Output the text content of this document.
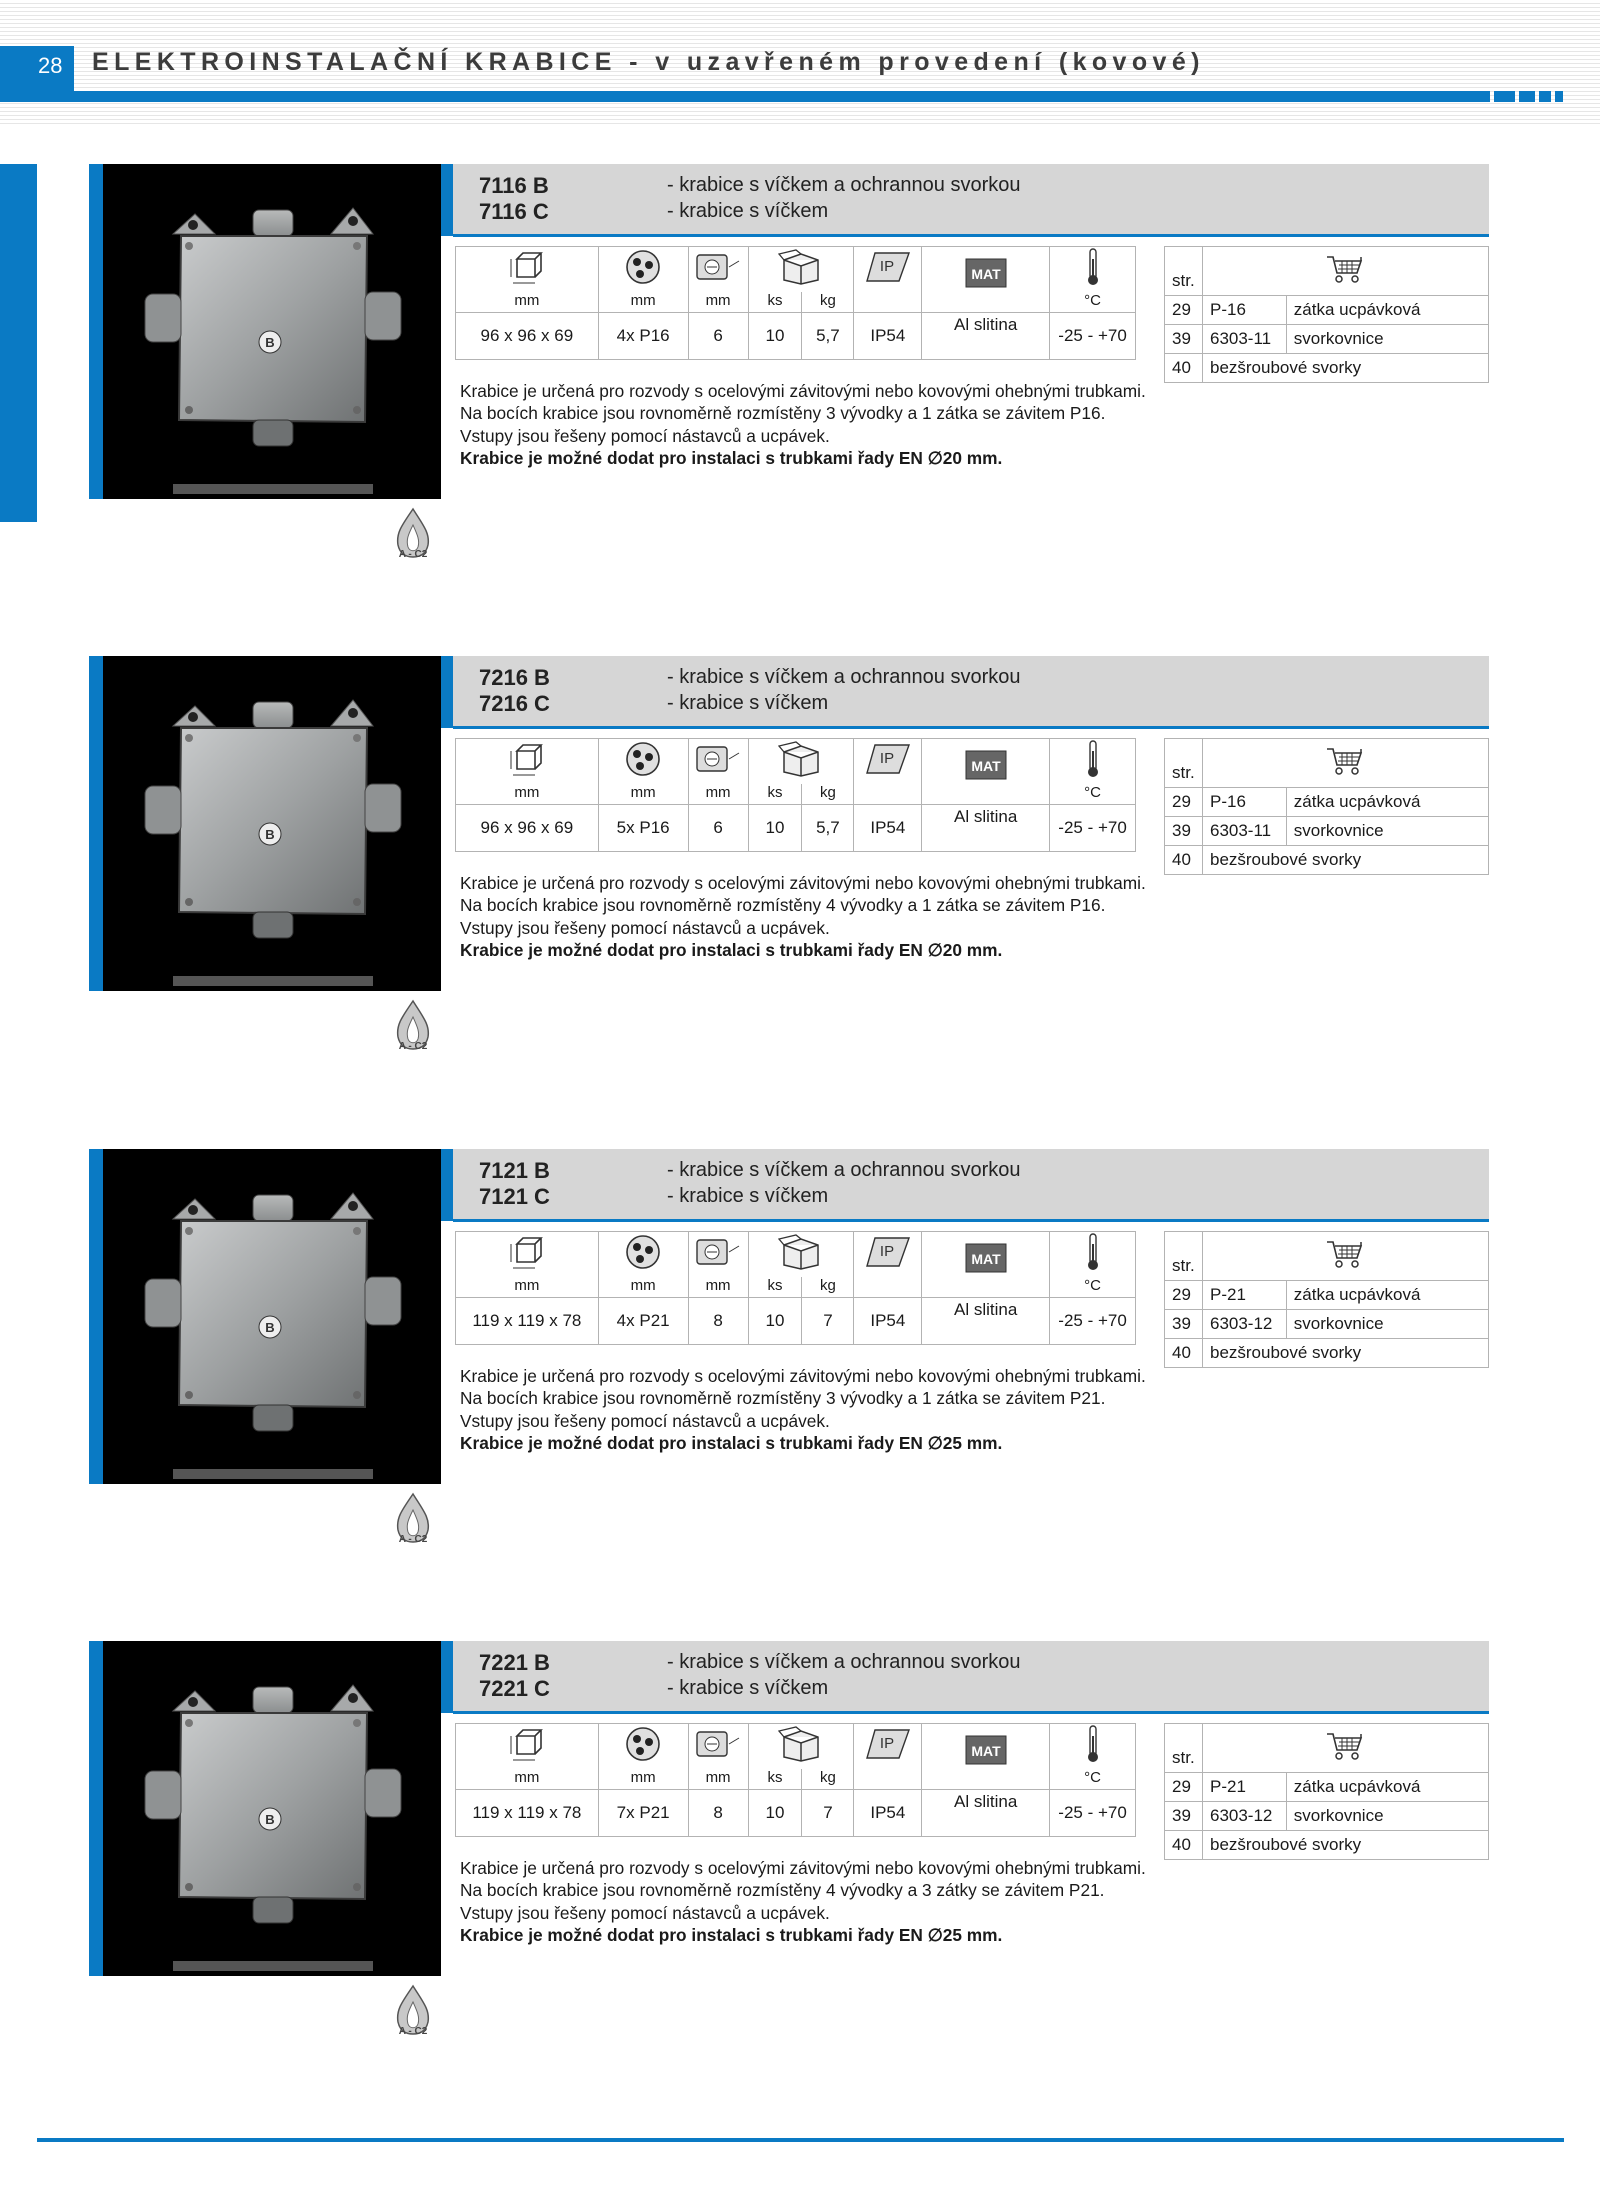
28	ELEKTROINSTALAČNÍ KRABICE - v uzavřeném provedení (kovové)
B
A - C2
7116 B	- krabice s víčkem a ochrannou svorkou
7116 C	- krabice s víčkem

IP	MAT

mm	mm	mm	ks	kg			°C
96 x 96 x 69	4x P16	6	10	5,7	IP54	Al slitina	-25 - +70
str.	
29	P-16	zátka ucpávková
39	6303-11	svorkovnice
40	bezšroubové svorky	
Krabice je určená pro rozvody s ocelovými závitovými nebo kovovými ohebnými trubkami.
Na bocích krabice jsou rovnoměrně rozmístěny 3 vývodky a 1 zátka se závitem P16.
Vstupy jsou řešeny pomocí nástavců a ucpávek.
Krabice je možné dodat pro instalaci s trubkami řady EN ∅20 mm.
B
A - C2
7216 B	- krabice s víčkem a ochrannou svorkou
7216 C	- krabice s víčkem

IP	MAT

mm	mm	mm	ks	kg			°C
96 x 96 x 69	5x P16	6	10	5,7	IP54	Al slitina	-25 - +70
str.	
29	P-16	zátka ucpávková
39	6303-11	svorkovnice
40	bezšroubové svorky	
Krabice je určená pro rozvody s ocelovými závitovými nebo kovovými ohebnými trubkami.
Na bocích krabice jsou rovnoměrně rozmístěny 4 vývodky a 1 zátka se závitem P16.
Vstupy jsou řešeny pomocí nástavců a ucpávek.
Krabice je možné dodat pro instalaci s trubkami řady EN ∅20 mm.
B
A - C2
7121 B	- krabice s víčkem a ochrannou svorkou
7121 C	- krabice s víčkem

IP	MAT

mm	mm	mm	ks	kg			°C
119 x 119 x 78	4x P21	8	10	7	IP54	Al slitina	-25 - +70
str.	
29	P-21	zátka ucpávková
39	6303-12	svorkovnice
40	bezšroubové svorky	
Krabice je určená pro rozvody s ocelovými závitovými nebo kovovými ohebnými trubkami.
Na bocích krabice jsou rovnoměrně rozmístěny 3 vývodky a 1 zátka se závitem P21.
Vstupy jsou řešeny pomocí nástavců a ucpávek.
Krabice je možné dodat pro instalaci s trubkami řady EN ∅25 mm.
B
A - C2
7221 B	- krabice s víčkem a ochrannou svorkou
7221 C	- krabice s víčkem

IP	MAT

mm	mm	mm	ks	kg			°C
119 x 119 x 78	7x P21	8	10	7	IP54	Al slitina	-25 - +70
str.	
29	P-21	zátka ucpávková
39	6303-12	svorkovnice
40	bezšroubové svorky	
Krabice je určená pro rozvody s ocelovými závitovými nebo kovovými ohebnými trubkami.
Na bocích krabice jsou rovnoměrně rozmístěny 4 vývodky a 3 zátky se závitem P21.
Vstupy jsou řešeny pomocí nástavců a ucpávek.
Krabice je možné dodat pro instalaci s trubkami řady EN ∅25 mm.
